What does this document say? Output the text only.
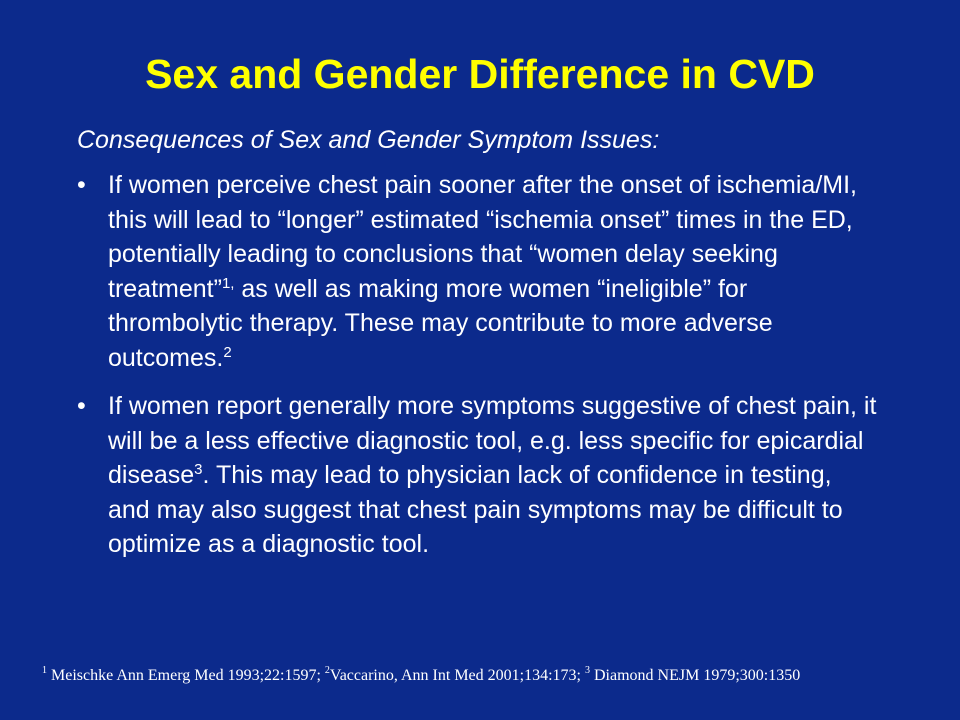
Sex and Gender Difference in CVD
Consequences of Sex and Gender Symptom Issues:
• If women perceive chest pain sooner after the onset of ischemia/MI, this will lead to “longer” estimated “ischemia onset” times in the ED, potentially leading to conclusions that “women delay seeking treatment”$^{1,}$ as well as making more women “ineligible” for thrombolytic therapy. These may contribute to more adverse outcomes.$^2$
• If women report generally more symptoms suggestive of chest pain, it will be a less effective diagnostic tool, e.g. less specific for epicardial disease$^3$. This may lead to physician lack of confidence in testing, and may also suggest that chest pain symptoms may be difficult to optimize as a diagnostic tool.
$^1$ Meischke Ann Emerg Med 1993;22:1597; $^2$Vaccarino, Ann Int Med 2001;134:173; $^3$ Diamond NEJM 1979;300:1350
